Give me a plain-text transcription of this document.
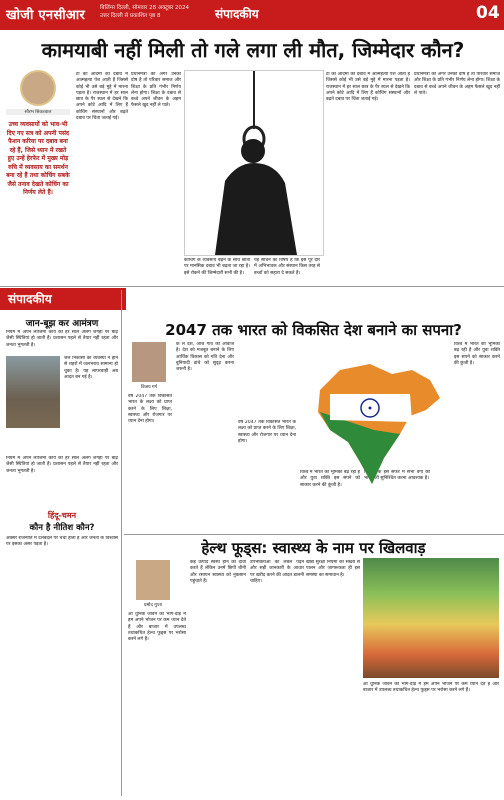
खोजी एनसीआर	बिलिंग्स दिल्ली, सोमवार 28 अक्टूबर 2024
उत्तर दिल्ली से प्रकाशित पृष्ठ 8	संपादकीय	04
कामयाबी नहीं मिली तो गले लगा ली मौत, जिम्मेदार कौन?
सौरभ सिकरवाल
उच्च व्यवसायों को भाव-भी दिए गए सत्र को अपनी पसंद फैशन करिया पर दबाव बना रहे हैं, जिसे ध्यान में रखते हुए उन्हें हेरफेर में मुख्य मोड़ रुचि में व्यवसाय का समर्थन बना रहे हैं तथा कोचिंग सबके जैसे तनाव देखते कोचिंग का निर्णय लेते हैं।
टी का आदमी को दबाव में आत्महत्या पेश आती हैं जिससे कोई भी उसे बड़े मुद्दे में मारना पड़ता है। राजस्थान में हर साल छात्र के पैर स्थल से देखने कि अपने कोटे आदि में लिए हैं कोचिंग संस्थानों और बढ़ते दबाव पर चिंता जताई गई।
प्रधानमंत्री की अगर उनको दोष है तो परिवार समाज और शिक्षा के प्रति गंभीर निर्णय लेना होगा। शिक्षा के दबाव से बच्चे अपने जीवन के अहम फैसले खुद नहीं ले पाते।
कोचिंग के व्यवसाय बढ़ने के साथ छात्रों पर मानसिक दबाव भी बढ़ता जा रहा है। इसे रोकने की जिम्मेदारी सभी की है।
यह सोचने का विषय है कि इस पूरे दौर में अभिभावक और संस्थान किस तरह से बच्चों को सहारा दे सकते हैं।
टी का आदमी को दबाव में आत्महत्या पेश आती हैं जिससे कोई भी उसे बड़े मुद्दे में मारना पड़ता है। राजस्थान में हर साल छात्र के पैर स्थल से देखने कि अपने कोटे आदि में लिए हैं कोचिंग संस्थानों और बढ़ते दबाव पर चिंता जताई गई।
प्रधानमंत्री की अगर उनको दोष है तो परिवार समाज और शिक्षा के प्रति गंभीर निर्णय लेना होगा। शिक्षा के दबाव से बच्चे अपने जीवन के अहम फैसले खुद नहीं ले पाते।
संपादकीय
जान-बूझ कर आमंत्रण
नियम में अपने लाजिमा कार्य की हर साल अलग जगहों पर बाढ़ जैसी स्थितियां हो जाती हैं। प्रशासन पहले से तैयार नहीं रहता और जनता भुगतती है।
जल निकासी की व्यवस्था न होने से शहरों में जलभराव सामान्य हो चुका है। यह लापरवाही अब आदत बन गई है।
नियम में अपने लाजिमा कार्य की हर साल अलग जगहों पर बाढ़ जैसी स्थितियां हो जाती हैं। प्रशासन पहले से तैयार नहीं रहता और जनता भुगतती है।
हिंदू-चमन
कौन है नीतिश कौन?
अक्सर राजनीति में दलबदल पर चर्चा होती है और जनता के विश्वास पर इसका असर पड़ता है।
2047 तक भारत को विकसित देश बनाने का सपना?
विजय गर्ग
क ल देश, आज गांव की आवाज है। देश को मजबूत बनाने के लिए आर्थिक विकास को गति देना और बुनियादी ढांचे को सुदृढ़ करना जरूरी है।
वर्ष 2047 तक विकसित भारत के लक्ष्य को प्राप्त करने के लिए शिक्षा, स्वास्थ्य और रोजगार पर ध्यान देना होगा।	वर्ष 2047 तक विकसित भारत के लक्ष्य को प्राप्त करने के लिए शिक्षा, स्वास्थ्य और रोजगार पर ध्यान देना होगा।
विश्व में भारत की भूमिका बढ़ रही है और युवा शक्ति इस सपने को साकार करने की कुंजी है।
विकास के इस सफर में सभी वर्गों की भागीदारी सुनिश्चित करना आवश्यक है।
विश्व में भारत की भूमिका बढ़ रही है और युवा शक्ति इस सपने को साकार करने की कुंजी है।
हेल्थ फूड्स: स्वास्थ्य के नाम पर खिलवाड़
प्रमोद गुप्ता
आ धुनिक जीवन की भाग-दौड़ में हम अपने भोजन पर कम ध्यान देते हैं और बाजार में उपलब्ध तथाकथित हेल्थ फूड्स पर भरोसा करने लगे हैं।
कई उत्पाद स्वस्थ होने का दावा करते हैं लेकिन उनमें छिपी चीनी और रसायन स्वास्थ्य को नुकसान पहुंचाते हैं।
उपभोक्ताओं को लेबल पढ़ने और सही जानकारी के आधार पर खरीद करने की आदत डालनी चाहिए।
खाद्य सुरक्षा नियमों का सख्ती से पालन और जागरूकता ही इस समस्या का समाधान है।
आ धुनिक जीवन की भाग-दौड़ में हम अपने भोजन पर कम ध्यान देते हैं और बाजार में उपलब्ध तथाकथित हेल्थ फूड्स पर भरोसा करने लगे हैं।
